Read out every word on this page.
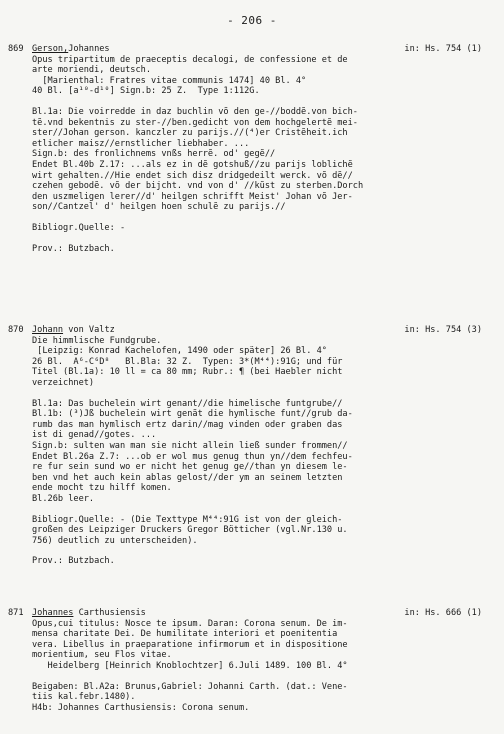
- 206 -
869 Gerson,Johannes	in: Hs. 754 (1)
Opus tripartitum de praeceptis decalogi, de confessione et de
arte moriendi, deutsch.
[Marienthal: Fratres vitae communis 1474] 40 Bl. 4°
40 Bl. [a¹⁰-d¹⁰] Sign.b: 25 Z.  Type 1:112G.
Bl.1a: Die voirredde in daz buchlin võ den ge-//boddẽ.von bich-
tẽ.vnd bekentnis zu ster-//ben.gedicht von dem hochgelertẽ mei-
ster//Johan gerson. kanczler zu parijs.//(⁴)er Cristẽheit.ich
etlicher maisz//ernstlicher liebhaber. ...
Sign.b: des fronlichnems vnßs herrẽ. od' gegẽ//
Endet Bl.40b Z.17: ...als ez in dẽ gotshuß//zu parijs loblichẽ
wirt gehalten.//Hie endet sich disz dridgedeilt werck. võ dẽ//
czehen gebodẽ. võ der bijcht. vnd von d' //kũst zu sterben.Dorch
den uszmeligen lerer//d' heilgen schrifft Meist' Johan võ Jer-
son//Cantzel' d' heilgen hoen schulẽ zu parijs.//
Bibliogr.Quelle: -
Prov.: Butzbach.
870 Johann von Valtz	in: Hs. 754 (3)
Die himmlische Fundgrube.
[Leipzig: Konrad Kachelofen, 1490 oder später] 26 Bl. 4°
26 Bl.  A⁶-C⁶D⁸   Bl.Bla: 32 Z.  Typen: 3*(M⁴⁴):91G; und für
Titel (Bl.1a): 10 ll = ca 80 mm; Rubr.: ¶ (bei Haebler nicht
verzeichnet)
Bl.1a: Das buchelein wirt genant//die himelische funtgrube//
Bl.1b: (³)Jß buchelein wirt genãt die hymlische funt//grub da-
rumb das man hymlisch ertz darin//mag vinden oder graben das
ist di genad//gotes. ...
Sign.b: sulten wan man sie nicht allein ließ sunder frommen//
Endet Bl.26a Z.7: ...ob er wol mus genug thun yn//dem fechfeu-
re fur sein sund wo er nicht het genug ge//than yn diesem le-
ben vnd het auch kein ablas gelost//der ym an seinem letzten
ende mocht tzu hilff komen.
Bl.26b leer.
Bibliogr.Quelle: - (Die Texttype M⁴⁴:91G ist von der gleich-
großen des Leipziger Druckers Gregor Bötticher (vgl.Nr.130 u.
756) deutlich zu unterscheiden).
Prov.: Butzbach.
871 Johannes Carthusiensis	in: Hs. 666 (1)
Opus,cui titulus: Nosce te ipsum. Daran: Corona senum. De im-
mensa charitate Dei. De humilitate interiori et poenitentia
vera. Libellus in praeparatione infirmorum et in dispositione
morientium, seu Flos vitae.
Heidelberg [Heinrich Knoblochtzer] 6.Juli 1489. 100 Bl. 4°
Beigaben: Bl.A2a: Brunus,Gabriel: Johanni Carth. (dat.: Vene-
tiis kal.febr.1480).
H4b: Johannes Carthusiensis: Corona senum.
